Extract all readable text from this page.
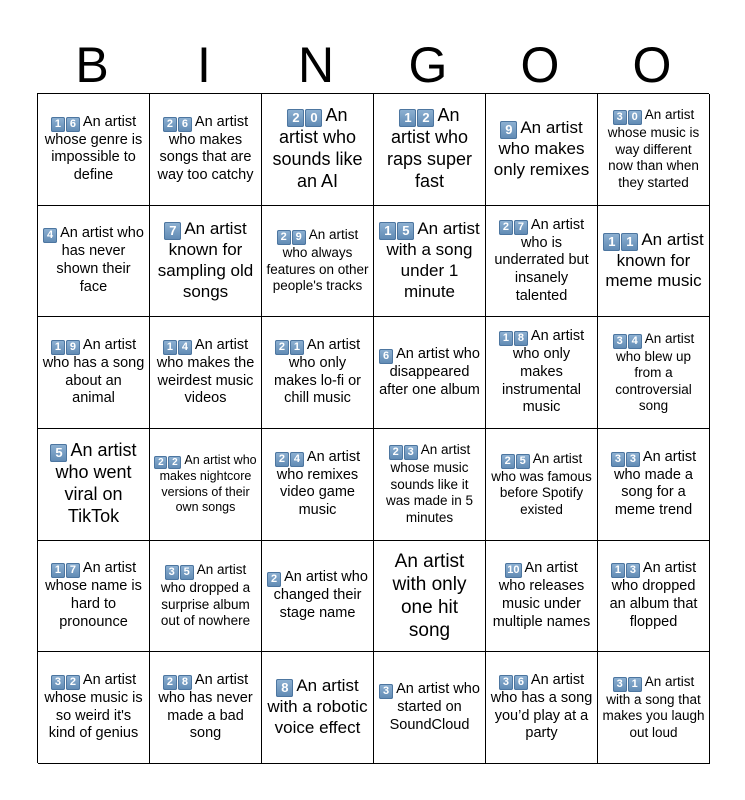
B	I	N	G	O	O

1 6 An artist whose genre is impossible to define

2 6 An artist who makes songs that are way too catchy

2 0 An artist who sounds like an AI

1 2 An artist who raps super fast

9 An artist who makes only remixes

3 0 An artist whose music is way different now than when they started

4 An artist who has never shown their face

7 An artist known for sampling old songs

2 9 An artist who always features on other people's tracks

1 5 An artist with a song under 1 minute

2 7 An artist who is underrated but insanely talented

1 1 An artist known for meme music

1 9 An artist who has a song about an animal

1 4 An artist who makes the weirdest music videos

2 1 An artist who only makes lo-fi or chill music

6 An artist who disappeared after one album

1 8 An artist who only makes instrumental music

3 4 An artist who blew up from a controversial song

5 An artist who went viral on TikTok

2 2 An artist who makes nightcore versions of their own songs

2 4 An artist who remixes video game music

2 3 An artist whose music sounds like it was made in 5 minutes

2 5 An artist who was famous before Spotify existed

3 3 An artist who made a song for a meme trend

1 7 An artist whose name is hard to pronounce

3 5 An artist who dropped a surprise album out of nowhere

2 An artist who changed their stage name

An artist with only one hit song

10 An artist who releases music under multiple names

1 3 An artist who dropped an album that flopped

3 2 An artist whose music is so weird it's kind of genius

2 8 An artist who has never made a bad song

8 An artist with a robotic voice effect

3 An artist who started on SoundCloud

3 6 An artist who has a song you’d play at a party

3 1 An artist with a song that makes you laugh out loud
